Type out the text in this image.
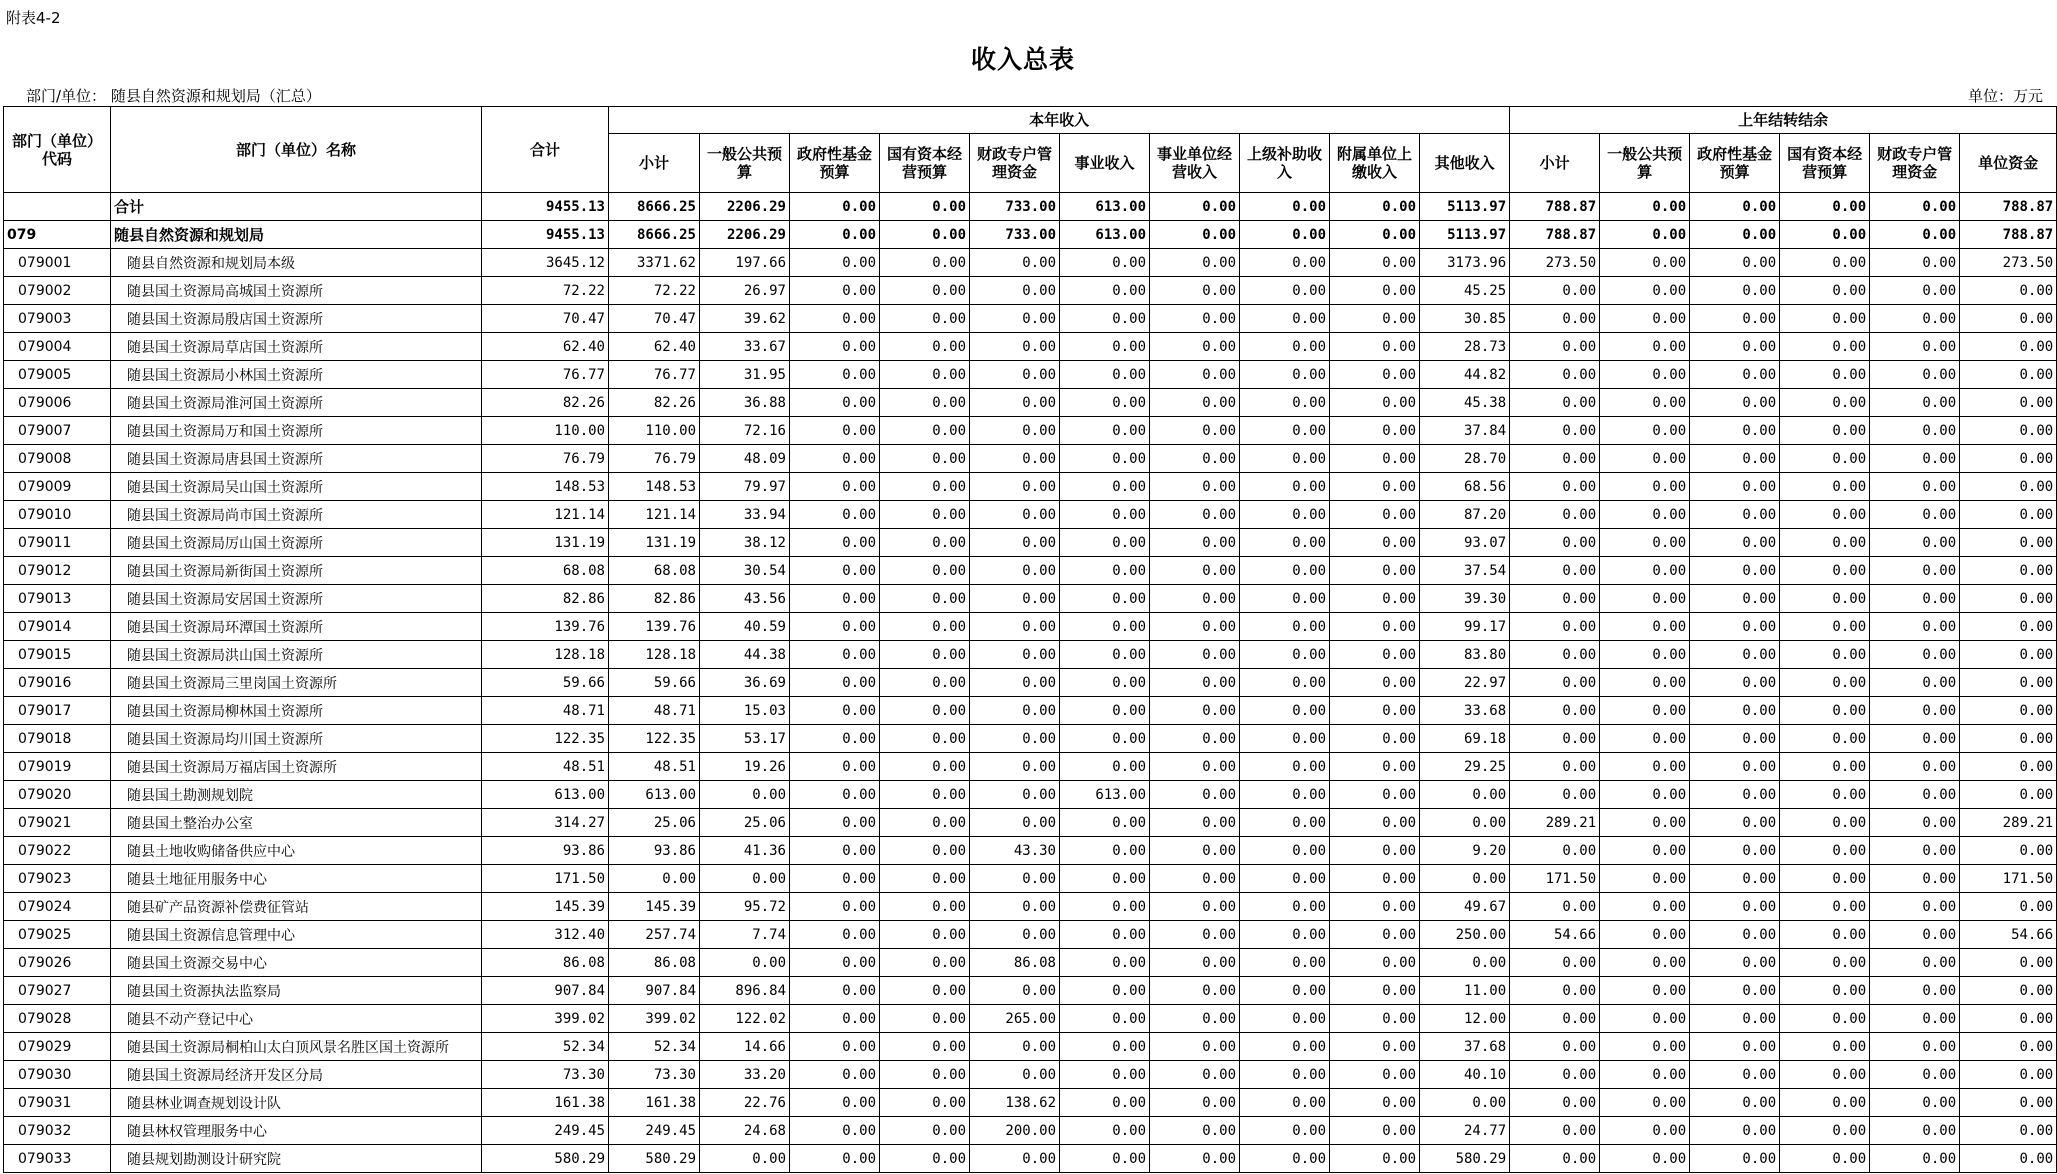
附表4-2
收入总表
部门/单位： 随县自然资源和规划局（汇总）	单位：万元
部门（单位）代码	部门（单位）名称	合计	本年收入										上年结转结余					
			小计	一般公共预算	政府性基金预算	国有资本经营预算	财政专户管理资金	事业收入	事业单位经营收入	上级补助收入	附属单位上缴收入	其他收入	小计	一般公共预算	政府性基金预算	国有资本经营预算	财政专户管理资金	单位资金
	合计	9455.13	8666.25	2206.29	0.00	0.00	733.00	613.00	0.00	0.00	0.00	5113.97	788.87	0.00	0.00	0.00	0.00	788.87
079	随县自然资源和规划局	9455.13	8666.25	2206.29	0.00	0.00	733.00	613.00	0.00	0.00	0.00	5113.97	788.87	0.00	0.00	0.00	0.00	788.87
079001	随县自然资源和规划局本级	3645.12	3371.62	197.66	0.00	0.00	0.00	0.00	0.00	0.00	0.00	3173.96	273.50	0.00	0.00	0.00	0.00	273.50
079002	随县国土资源局高城国土资源所	72.22	72.22	26.97	0.00	0.00	0.00	0.00	0.00	0.00	0.00	45.25	0.00	0.00	0.00	0.00	0.00	0.00
079003	随县国土资源局殷店国土资源所	70.47	70.47	39.62	0.00	0.00	0.00	0.00	0.00	0.00	0.00	30.85	0.00	0.00	0.00	0.00	0.00	0.00
079004	随县国土资源局草店国土资源所	62.40	62.40	33.67	0.00	0.00	0.00	0.00	0.00	0.00	0.00	28.73	0.00	0.00	0.00	0.00	0.00	0.00
079005	随县国土资源局小林国土资源所	76.77	76.77	31.95	0.00	0.00	0.00	0.00	0.00	0.00	0.00	44.82	0.00	0.00	0.00	0.00	0.00	0.00
079006	随县国土资源局淮河国土资源所	82.26	82.26	36.88	0.00	0.00	0.00	0.00	0.00	0.00	0.00	45.38	0.00	0.00	0.00	0.00	0.00	0.00
079007	随县国土资源局万和国土资源所	110.00	110.00	72.16	0.00	0.00	0.00	0.00	0.00	0.00	0.00	37.84	0.00	0.00	0.00	0.00	0.00	0.00
079008	随县国土资源局唐县国土资源所	76.79	76.79	48.09	0.00	0.00	0.00	0.00	0.00	0.00	0.00	28.70	0.00	0.00	0.00	0.00	0.00	0.00
079009	随县国土资源局吴山国土资源所	148.53	148.53	79.97	0.00	0.00	0.00	0.00	0.00	0.00	0.00	68.56	0.00	0.00	0.00	0.00	0.00	0.00
079010	随县国土资源局尚市国土资源所	121.14	121.14	33.94	0.00	0.00	0.00	0.00	0.00	0.00	0.00	87.20	0.00	0.00	0.00	0.00	0.00	0.00
079011	随县国土资源局厉山国土资源所	131.19	131.19	38.12	0.00	0.00	0.00	0.00	0.00	0.00	0.00	93.07	0.00	0.00	0.00	0.00	0.00	0.00
079012	随县国土资源局新街国土资源所	68.08	68.08	30.54	0.00	0.00	0.00	0.00	0.00	0.00	0.00	37.54	0.00	0.00	0.00	0.00	0.00	0.00
079013	随县国土资源局安居国土资源所	82.86	82.86	43.56	0.00	0.00	0.00	0.00	0.00	0.00	0.00	39.30	0.00	0.00	0.00	0.00	0.00	0.00
079014	随县国土资源局环潭国土资源所	139.76	139.76	40.59	0.00	0.00	0.00	0.00	0.00	0.00	0.00	99.17	0.00	0.00	0.00	0.00	0.00	0.00
079015	随县国土资源局洪山国土资源所	128.18	128.18	44.38	0.00	0.00	0.00	0.00	0.00	0.00	0.00	83.80	0.00	0.00	0.00	0.00	0.00	0.00
079016	随县国土资源局三里岗国土资源所	59.66	59.66	36.69	0.00	0.00	0.00	0.00	0.00	0.00	0.00	22.97	0.00	0.00	0.00	0.00	0.00	0.00
079017	随县国土资源局柳林国土资源所	48.71	48.71	15.03	0.00	0.00	0.00	0.00	0.00	0.00	0.00	33.68	0.00	0.00	0.00	0.00	0.00	0.00
079018	随县国土资源局均川国土资源所	122.35	122.35	53.17	0.00	0.00	0.00	0.00	0.00	0.00	0.00	69.18	0.00	0.00	0.00	0.00	0.00	0.00
079019	随县国土资源局万福店国土资源所	48.51	48.51	19.26	0.00	0.00	0.00	0.00	0.00	0.00	0.00	29.25	0.00	0.00	0.00	0.00	0.00	0.00
079020	随县国土勘测规划院	613.00	613.00	0.00	0.00	0.00	0.00	613.00	0.00	0.00	0.00	0.00	0.00	0.00	0.00	0.00	0.00	0.00
079021	随县国土整治办公室	314.27	25.06	25.06	0.00	0.00	0.00	0.00	0.00	0.00	0.00	0.00	289.21	0.00	0.00	0.00	0.00	289.21
079022	随县土地收购储备供应中心	93.86	93.86	41.36	0.00	0.00	43.30	0.00	0.00	0.00	0.00	9.20	0.00	0.00	0.00	0.00	0.00	0.00
079023	随县土地征用服务中心	171.50	0.00	0.00	0.00	0.00	0.00	0.00	0.00	0.00	0.00	0.00	171.50	0.00	0.00	0.00	0.00	171.50
079024	随县矿产品资源补偿费征管站	145.39	145.39	95.72	0.00	0.00	0.00	0.00	0.00	0.00	0.00	49.67	0.00	0.00	0.00	0.00	0.00	0.00
079025	随县国土资源信息管理中心	312.40	257.74	7.74	0.00	0.00	0.00	0.00	0.00	0.00	0.00	250.00	54.66	0.00	0.00	0.00	0.00	54.66
079026	随县国土资源交易中心	86.08	86.08	0.00	0.00	0.00	86.08	0.00	0.00	0.00	0.00	0.00	0.00	0.00	0.00	0.00	0.00	0.00
079027	随县国土资源执法监察局	907.84	907.84	896.84	0.00	0.00	0.00	0.00	0.00	0.00	0.00	11.00	0.00	0.00	0.00	0.00	0.00	0.00
079028	随县不动产登记中心	399.02	399.02	122.02	0.00	0.00	265.00	0.00	0.00	0.00	0.00	12.00	0.00	0.00	0.00	0.00	0.00	0.00
079029	随县国土资源局桐柏山太白顶风景名胜区国土资源所	52.34	52.34	14.66	0.00	0.00	0.00	0.00	0.00	0.00	0.00	37.68	0.00	0.00	0.00	0.00	0.00	0.00
079030	随县国土资源局经济开发区分局	73.30	73.30	33.20	0.00	0.00	0.00	0.00	0.00	0.00	0.00	40.10	0.00	0.00	0.00	0.00	0.00	0.00
079031	随县林业调查规划设计队	161.38	161.38	22.76	0.00	0.00	138.62	0.00	0.00	0.00	0.00	0.00	0.00	0.00	0.00	0.00	0.00	0.00
079032	随县林权管理服务中心	249.45	249.45	24.68	0.00	0.00	200.00	0.00	0.00	0.00	0.00	24.77	0.00	0.00	0.00	0.00	0.00	0.00
079033	随县规划勘测设计研究院	580.29	580.29	0.00	0.00	0.00	0.00	0.00	0.00	0.00	0.00	580.29	0.00	0.00	0.00	0.00	0.00	0.00
